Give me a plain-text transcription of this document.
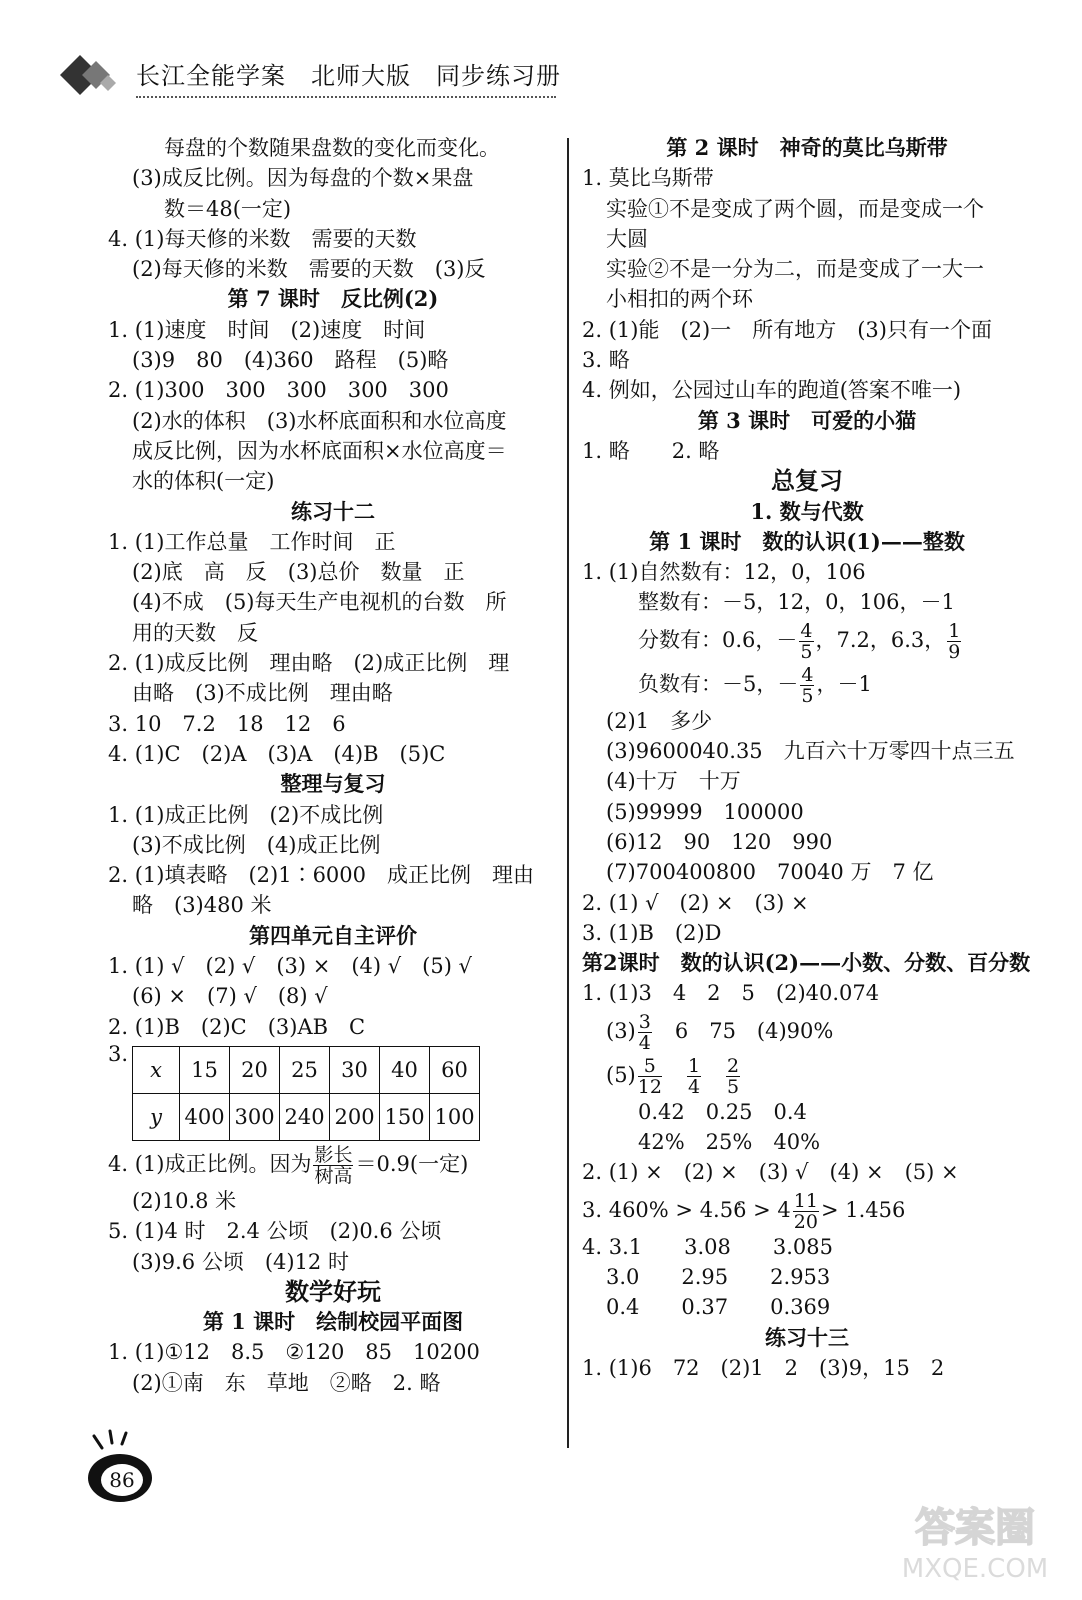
长江全能学案　北师大版　同步练习册
每盘的个数随果盘数的变化而变化。
(3)成反比例。因为每盘的个数×果盘
数＝48(一定)
4. (1)每天修的米数　需要的天数
(2)每天修的米数　需要的天数　(3)反
第 7 课时　反比例(2)
1. (1)速度　时间　(2)速度　时间
(3)9　80　(4)360　路程　(5)略
2. (1)300　300　300　300　300
(2)水的体积　(3)水杯底面积和水位高度
成反比例，因为水杯底面积×水位高度＝
水的体积(一定)
练习十二
1. (1)工作总量　工作时间　正
(2)底　高　反　(3)总价　数量　正
(4)不成　(5)每天生产电视机的台数　所
用的天数　反
2. (1)成反比例　理由略　(2)成正比例　理
由略　(3)不成比例　理由略
3. 10　7.2　18　12　6
4. (1)C　(2)A　(3)A　(4)B　(5)C
整理与复习
1. (1)成正比例　(2)不成比例
(3)不成比例　(4)成正比例
2. (1)填表略　(2)1∶6000　成正比例　理由
略　(3)480 米
第四单元自主评价
1. (1) √　(2) √　(3) ×　(4) √　(5) √
(6) ×　(7) √　(8) √
2. (1)B　(2)C　(3)AB　C
3.
x	15	20	25	30	40	60
y	400	300	240	200	150	100
4. (1)成正比例。因为 $\frac{\text{影长}}{\text{树高}} =0.9$(一定)
(2)10.8 米
5. (1)4 时　2.4 公顷　(2)0.6 公顷
(3)9.6 公顷　(4)12 时
数学好玩
第 1 课时　绘制校园平面图
1. (1)①12　8.5　②120　85　10200
(2)①南　东　草地　②略　2. 略
第 2 课时　神奇的莫比乌斯带
1. 莫比乌斯带
实验①不是变成了两个圆，而是变成一个
大圆
实验②不是一分为二，而是变成了一大一
小相扣的两个环
2. (1)能　(2)一　所有地方　(3)只有一个面
3. 略
4. 例如，公园过山车的跑道(答案不唯一)
第 3 课时　可爱的小猫
1. 略　　2. 略
总复习
1. 数与代数
第 1 课时　数的认识(1)——整数
1. (1)自然数有：12，0，106
整数有：－5，12，0，106，－1
分数有：0.6，－ $\frac{4}{5}$ ，7.2，6.3， $\frac{1}{9}$
负数有：－5，－ $\frac{4}{5}$ ，－1
(2)1　多少
(3)9600040.35　九百六十万零四十点三五
(4)十万　十万
(5)99999　100000
(6)12　90　120　990
(7)700400800　70040 万　7 亿
2. (1) √　(2) ×　(3) ×
3. (1)B　(2)D
第2课时　数的认识(2)——小数、分数、百分数
1. (1)3　4　2　5　(2)40.074
$(3) \frac{3}{4}$ 　6　75　(4)90%
$(5) \frac{5}{12}$
　 $\frac{1}{4}$
　 $\frac{2}{5}$
0.42　0.25　0.4
42%　25%　40%
2. (1) ×　(2) ×　(3) √　(4) ×　(5) ×
3. $460\% > 4.5\cdot 6 > 4 \frac{11}{20} > 1.456$
4. 3.1　　3.08　　3.085
3.0　　2.95　　2.953
0.4　　0.37　　0.369
练习十三
1. (1)6　72　(2)1　2　(3)9，15　2
86
答案圈
MXQE.COM
